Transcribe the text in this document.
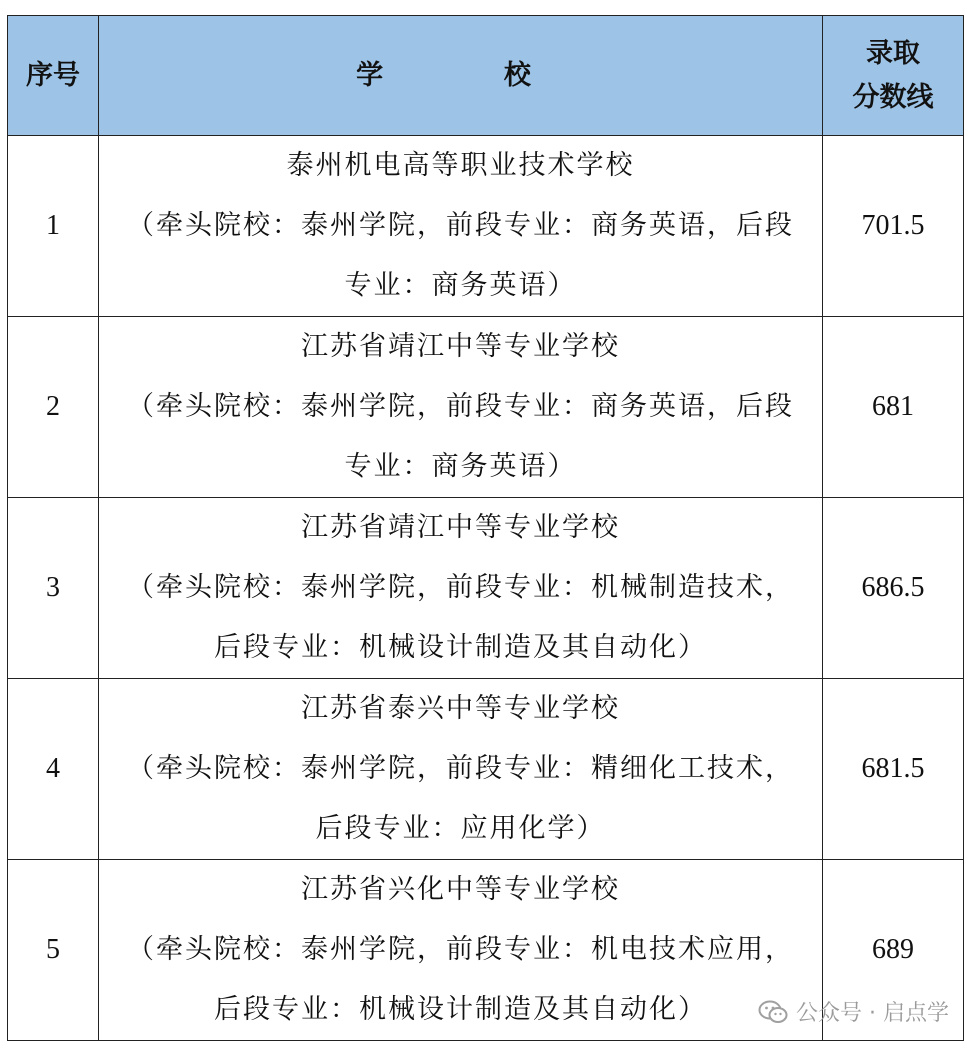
序号	学  校	录取
分数线

1	泰州机电高等职业技术学校
（牵头院校：泰州学院，前段专业：商务英语，后段
专业：商务英语）	701.5
2	江苏省靖江中等专业学校
（牵头院校：泰州学院，前段专业：商务英语，后段
专业：商务英语）	681
3	江苏省靖江中等专业学校
（牵头院校：泰州学院，前段专业：机械制造技术，
后段专业：机械设计制造及其自动化）	686.5
4	江苏省泰兴中等专业学校
（牵头院校：泰州学院，前段专业：精细化工技术，
后段专业：应用化学）	681.5
5	江苏省兴化中等专业学校
（牵头院校：泰州学院，前段专业：机电技术应用，
后段专业：机械设计制造及其自动化）	689
公众号 · 启点学
